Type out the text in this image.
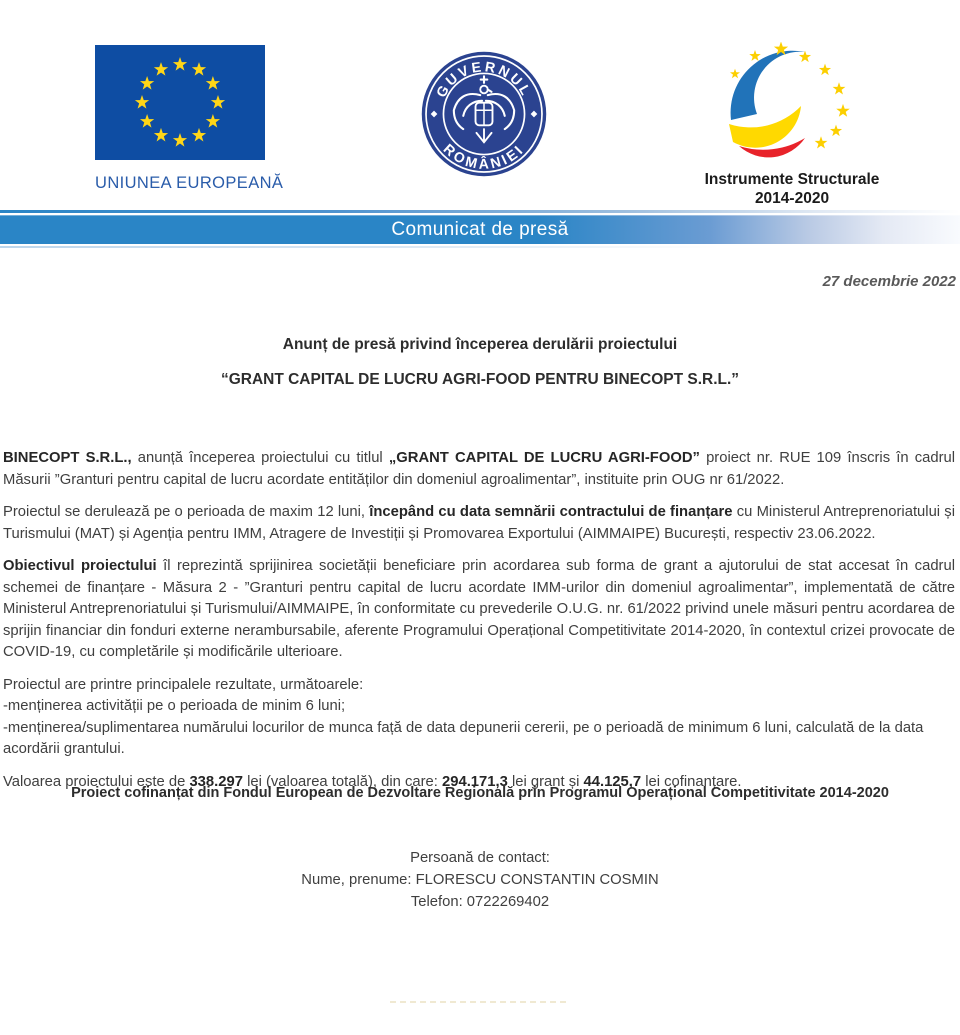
UNIUNEA EUROPEANĂ
GUVERNUL
ROMÂNIEI
Instrumente Structurale
2014-2020
Comunicat de presă
27 decembrie 2022
Anunț de presă privind începerea derulării proiectului
“GRANT CAPITAL DE LUCRU AGRI-FOOD PENTRU BINECOPT S.R.L.”

BINECOPT S.R.L., anunță începerea proiectului cu titlul „GRANT CAPITAL DE LUCRU AGRI-FOOD” proiect nr. RUE 109 înscris în cadrul Măsurii ”Granturi pentru capital de lucru acordate entităților din domeniul agroalimentar”, instituite prin OUG nr 61/2022.

Proiectul se derulează pe o perioada de maxim 12 luni, începând cu data semnării contractului de finanțare cu Ministerul Antreprenoriatului și Turismului (MAT) și Agenția pentru IMM, Atragere de Investiții și Promovarea Exportului (AIMMAIPE) București, respectiv 23.06.2022.

Obiectivul proiectului îl reprezintă sprijinirea societății beneficiare prin acordarea sub forma de grant a ajutorului de stat accesat în cadrul schemei de finanțare - Măsura 2 - ”Granturi pentru capital de lucru acordate IMM-urilor din domeniul agroalimentar”, implementată de către Ministerul Antreprenoriatului și Turismului/AIMMAIPE, în conformitate cu prevederile O.U.G. nr. 61/2022 privind unele măsuri pentru acordarea de sprijin financiar din fonduri externe nerambursabile, aferente Programului Operațional Competitivitate 2014-2020, în contextul crizei provocate de COVID-19, cu completările și modificările ulterioare.

Proiectul are printre principalele rezultate, următoarele:
-menținerea activității pe o perioada de minim 6 luni;
-menținerea/suplimentarea numărului locurilor de munca față de data depunerii cererii, pe o perioadă de minimum 6 luni, calculată de la data acordării grantului.

Valoarea proiectului este de 338.297 lei (valoarea totală), din care: 294.171,3 lei grant și 44.125,7 lei cofinanțare.

Proiect cofinanțat din Fondul European de Dezvoltare Regională prin Programul Operațional Competitivitate 2014-2020
Persoană de contact:
Nume, prenume: FLORESCU CONSTANTIN COSMIN
Telefon: 0722269402
